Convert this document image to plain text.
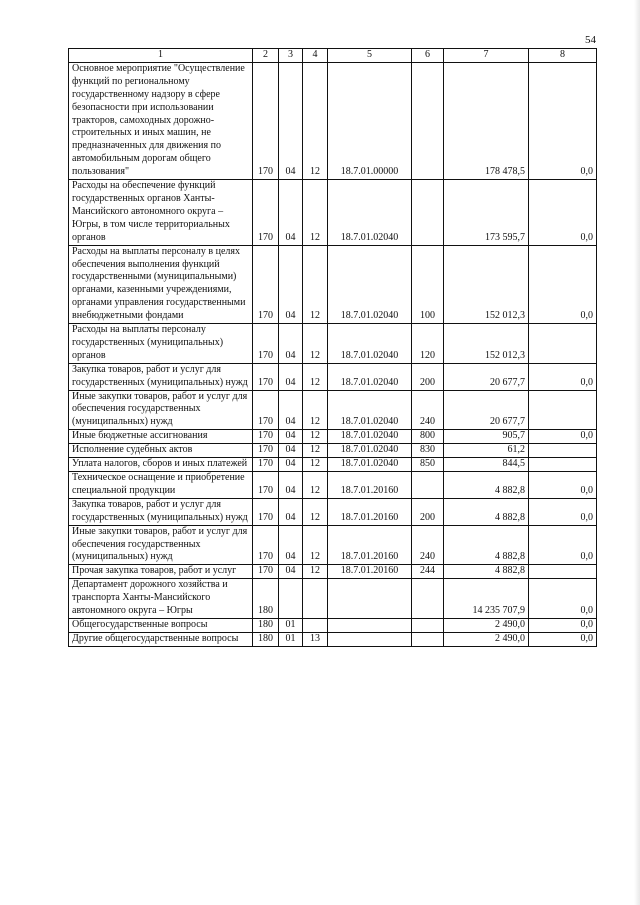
54
1	2	3	4	5	6	7	8
Основное мероприятие "Осуществление функций по региональному государственному надзору в сфере безопасности при использовании тракторов, самоходных дорожно-строительных и иных машин, не предназначенных для движения по автомобильным дорогам общего пользования"	170	04	12	18.7.01.00000		178 478,5	0,0
Расходы на обеспечение функций государственных органов Ханты-Мансийского автономного округа – Югры, в том числе территориальных органов	170	04	12	18.7.01.02040		173 595,7	0,0
Расходы на выплаты персоналу в целях обеспечения выполнения функций государственными (муниципальными) органами, казенными учреждениями, органами управления государственными внебюджетными фондами	170	04	12	18.7.01.02040	100	152 012,3	0,0
Расходы на выплаты персоналу государственных (муниципальных) органов	170	04	12	18.7.01.02040	120	152 012,3	
Закупка товаров, работ и услуг для государственных (муниципальных) нужд	170	04	12	18.7.01.02040	200	20 677,7	0,0
Иные закупки товаров, работ и услуг для обеспечения государственных (муниципальных) нужд	170	04	12	18.7.01.02040	240	20 677,7	
Иные бюджетные ассигнования	170	04	12	18.7.01.02040	800	905,7	0,0
Исполнение судебных актов	170	04	12	18.7.01.02040	830	61,2	
Уплата налогов, сборов и иных платежей	170	04	12	18.7.01.02040	850	844,5	
Техническое оснащение и приобретение специальной продукции	170	04	12	18.7.01.20160		4 882,8	0,0
Закупка товаров, работ и услуг для государственных (муниципальных) нужд	170	04	12	18.7.01.20160	200	4 882,8	0,0
Иные закупки товаров, работ и услуг для обеспечения государственных (муниципальных) нужд	170	04	12	18.7.01.20160	240	4 882,8	0,0
Прочая закупка товаров, работ и услуг	170	04	12	18.7.01.20160	244	4 882,8	
Департамент дорожного хозяйства и транспорта Ханты-Мансийского автономного округа – Югры	180					14 235 707,9	0,0
Общегосударственные вопросы	180	01				2 490,0	0,0
Другие общегосударственные вопросы	180	01	13			2 490,0	0,0
